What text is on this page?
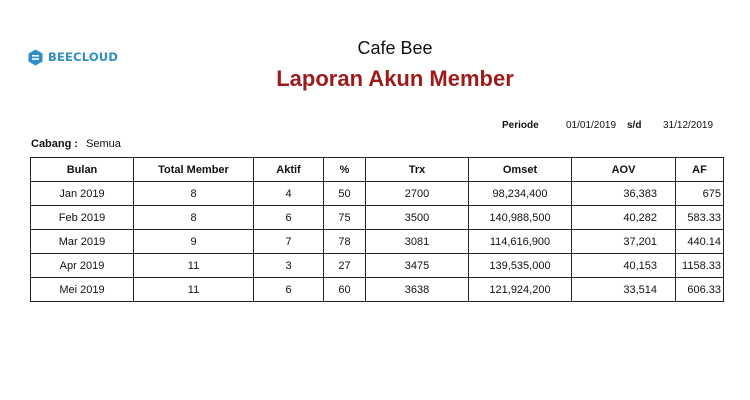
BEECLOUD	Cafe Bee
Laporan Akun Member
Periode	01/01/2019 s/d 31/12/2019
Cabang : Semua
Bulan	Total Member	Aktif	%	Trx	Omset	AOV	AF
Jan 2019	8	4	50	2700	98,234,400	36,383	675
Feb 2019	8	6	75	3500	140,988,500	40,282	583.33
Mar 2019	9	7	78	3081	114,616,900	37,201	440.14
Apr 2019	11	3	27	3475	139,535,000	40,153	1158.33
Mei 2019	11	6	60	3638	121,924,200	33,514	606.33
